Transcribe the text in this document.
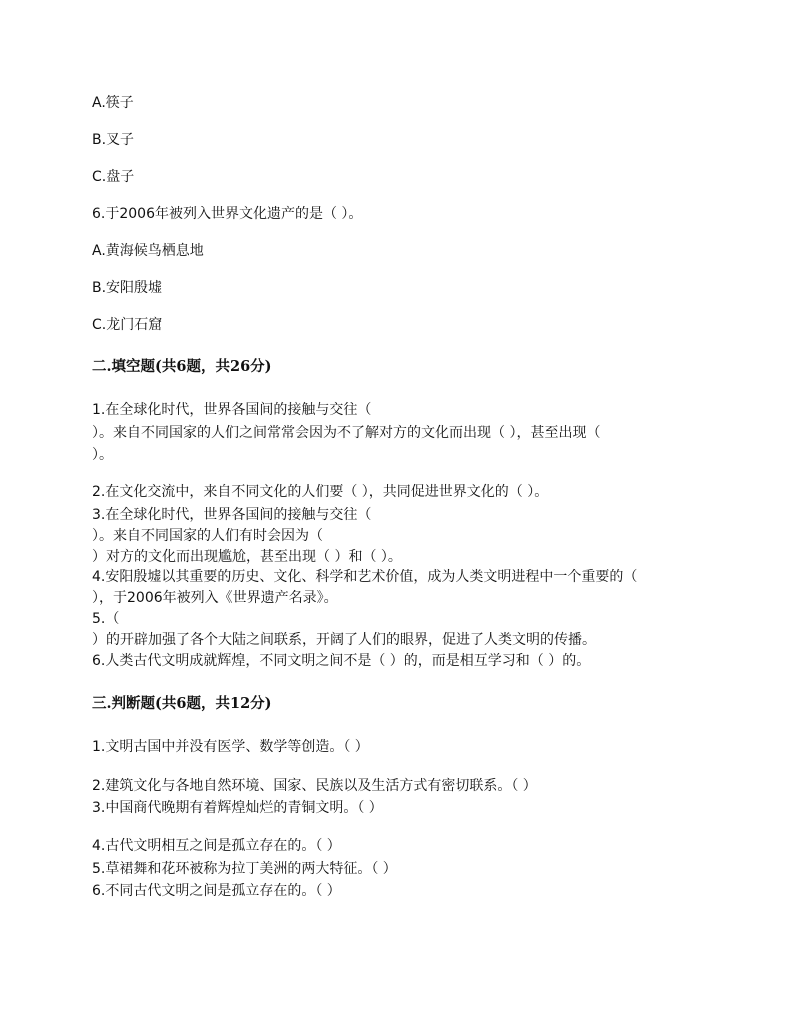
A.筷子
B.叉子
C.盘子
6.于2006年被列入世界文化遗产的是（ ）。
A.黄海候鸟栖息地
B.安阳殷墟
C.龙门石窟
二.填空题(共6题，共26分)
1.在全球化时代，世界各国间的接触与交往（
）。来自不同国家的人们之间常常会因为不了解对方的文化而出现（ ），甚至出现（
）。
2.在文化交流中，来自不同文化的人们要（ ），共同促进世界文化的（ ）。
3.在全球化时代，世界各国间的接触与交往（
）。来自不同国家的人们有时会因为（
）对方的文化而出现尴尬，甚至出现（ ）和（ ）。
4.安阳殷墟以其重要的历史、文化、科学和艺术价值，成为人类文明进程中一个重要的（
），于2006年被列入《世界遗产名录》。
5.（
）的开辟加强了各个大陆之间联系，开阔了人们的眼界，促进了人类文明的传播。
6.人类古代文明成就辉煌，不同文明之间不是（ ）的，而是相互学习和（ ）的。
三.判断题(共6题，共12分)
1.文明古国中并没有医学、数学等创造。（ ）
2.建筑文化与各地自然环境、国家、民族以及生活方式有密切联系。（ ）
3.中国商代晚期有着辉煌灿烂的青铜文明。（ ）
4.古代文明相互之间是孤立存在的。（ ）
5.草裙舞和花环被称为拉丁美洲的两大特征。（ ）
6.不同古代文明之间是孤立存在的。（ ）
